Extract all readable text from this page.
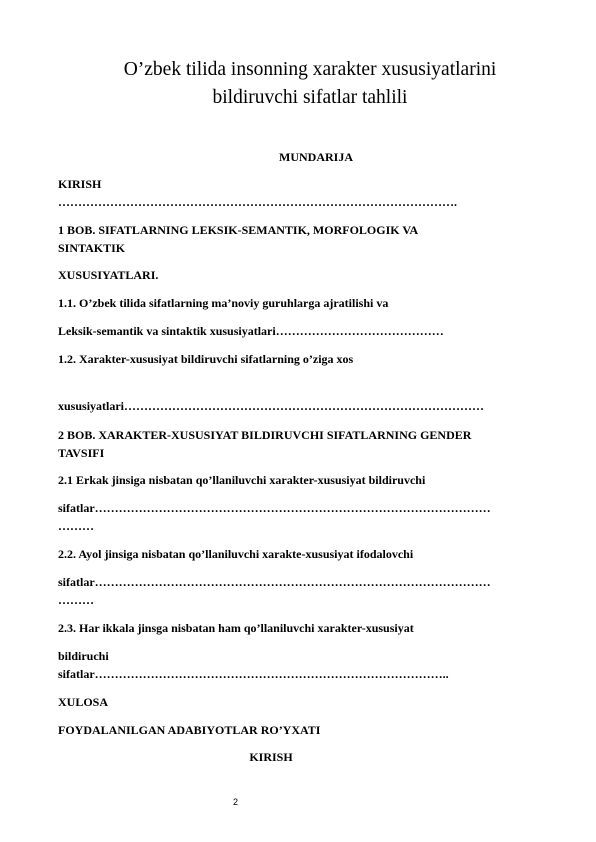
O’zbek tilida insonning xarakter xususiyatlarini
bildiruvchi sifatlar tahlili
MUNDARIJA
KIRISH
……………………………………………………………………………………….
1 BOB. SIFATLARNING LEKSIK-SEMANTIK, MORFOLOGIK VA
SINTAKTIK
XUSUSIYATLARI.
1.1. O’zbek tilida sifatlarning ma’noviy guruhlarga ajratilishi va
Leksik-semantik va sintaktik xususiyatlari……………………………………
1.2. Xarakter-xususiyat bildiruvchi sifatlarning o’ziga xos
xususiyatlari………………………………………………………………………………
2 BOB. XARAKTER-XUSUSIYAT BILDIRUVCHI SIFATLARNING GENDER
TAVSIFI
2.1 Erkak jinsiga nisbatan qo’llaniluvchi xarakter-xususiyat bildiruvchi
sifatlar………………………………………………………………………………………
………
2.2. Ayol jinsiga nisbatan qo’llaniluvchi xarakte-xususiyat ifodalovchi
sifatlar………………………………………………………………………………………
………
2.3. Har ikkala jinsga nisbatan ham qo’llaniluvchi xarakter-xususiyat
bildiruchi
sifatlar……………………………………………………………………………..
XULOSA
FOYDALANILGAN ADABIYOTLAR RO’YXATI
KIRISH
2
